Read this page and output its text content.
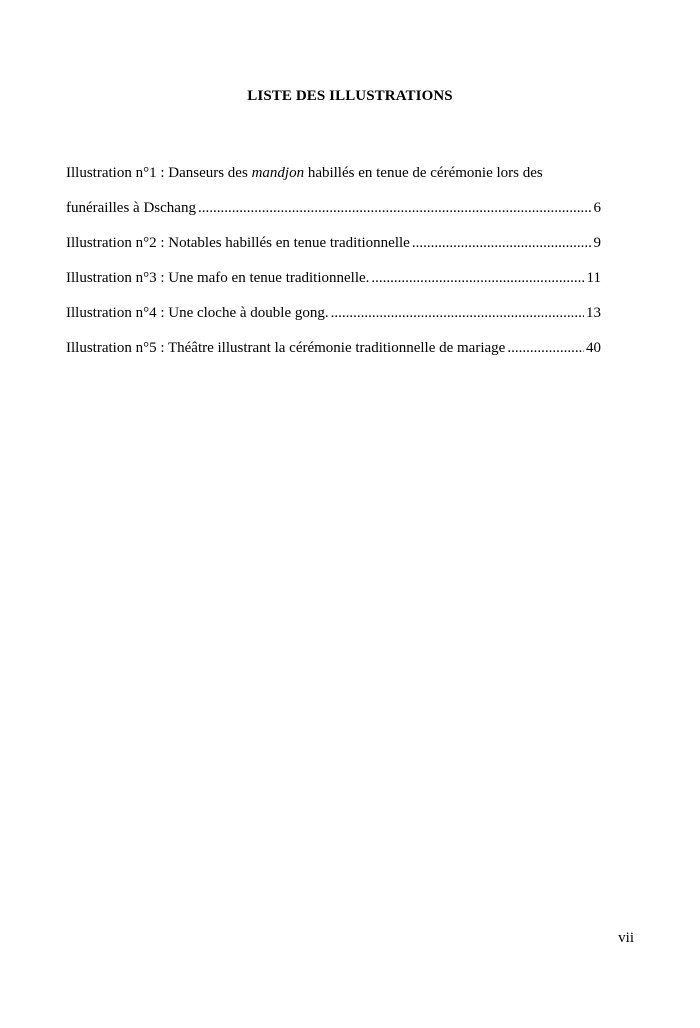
LISTE DES ILLUSTRATIONS
Illustration n°1 : Danseurs des mandjon habillés en tenue de cérémonie lors des
funérailles à Dschang .....	6
Illustration n°2 : Notables habillés en tenue traditionnelle .....	9
Illustration n°3 : Une mafo en tenue traditionnelle. .....	11
Illustration n°4 : Une cloche à double gong. .....	13
Illustration n°5 : Théâtre illustrant la cérémonie traditionnelle de mariage .....	40
vii
